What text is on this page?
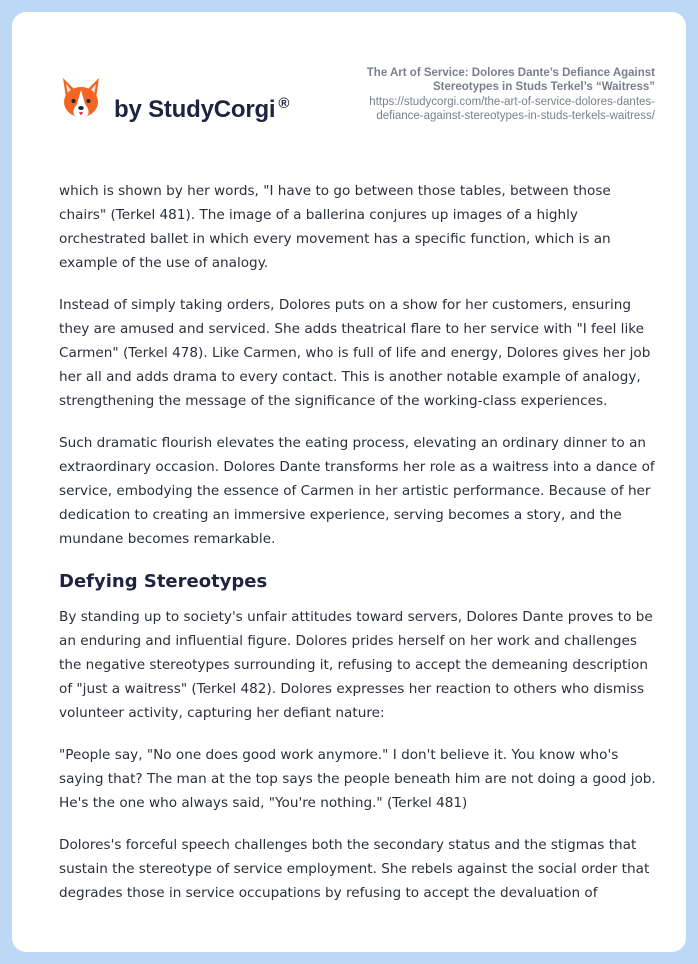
by StudyCorgi ®
The Art of Service: Dolores Dante’s Defiance Against Stereotypes in Studs Terkel’s “Waitress”
https://studycorgi.com/the-art-of-service-dolores-dantes-defiance-against-stereotypes-in-studs-terkels-waitress/

which is shown by her words, "I have to go between those tables, between those chairs" (Terkel 481). The image of a ballerina conjures up images of a highly orchestrated ballet in which every movement has a specific function, which is an example of the use of analogy.

Instead of simply taking orders, Dolores puts on a show for her customers, ensuring they are amused and serviced. She adds theatrical flare to her service with "I feel like Carmen" (Terkel 478). Like Carmen, who is full of life and energy, Dolores gives her job her all and adds drama to every contact. This is another notable example of analogy, strengthening the message of the significance of the working-class experiences.

Such dramatic flourish elevates the eating process, elevating an ordinary dinner to an extraordinary occasion. Dolores Dante transforms her role as a waitress into a dance of service, embodying the essence of Carmen in her artistic performance. Because of her dedication to creating an immersive experience, serving becomes a story, and the mundane becomes remarkable.

Defying Stereotypes

By standing up to society's unfair attitudes toward servers, Dolores Dante proves to be an enduring and influential figure. Dolores prides herself on her work and challenges the negative stereotypes surrounding it, refusing to accept the demeaning description of "just a waitress" (Terkel 482). Dolores expresses her reaction to others who dismiss volunteer activity, capturing her defiant nature:

"People say, "No one does good work anymore." I don't believe it. You know who's saying that? The man at the top says the people beneath him are not doing a good job. He's the one who always said, "You're nothing." (Terkel 481)

Dolores's forceful speech challenges both the secondary status and the stigmas that sustain the stereotype of service employment. She rebels against the social order that degrades those in service occupations by refusing to accept the devaluation of
